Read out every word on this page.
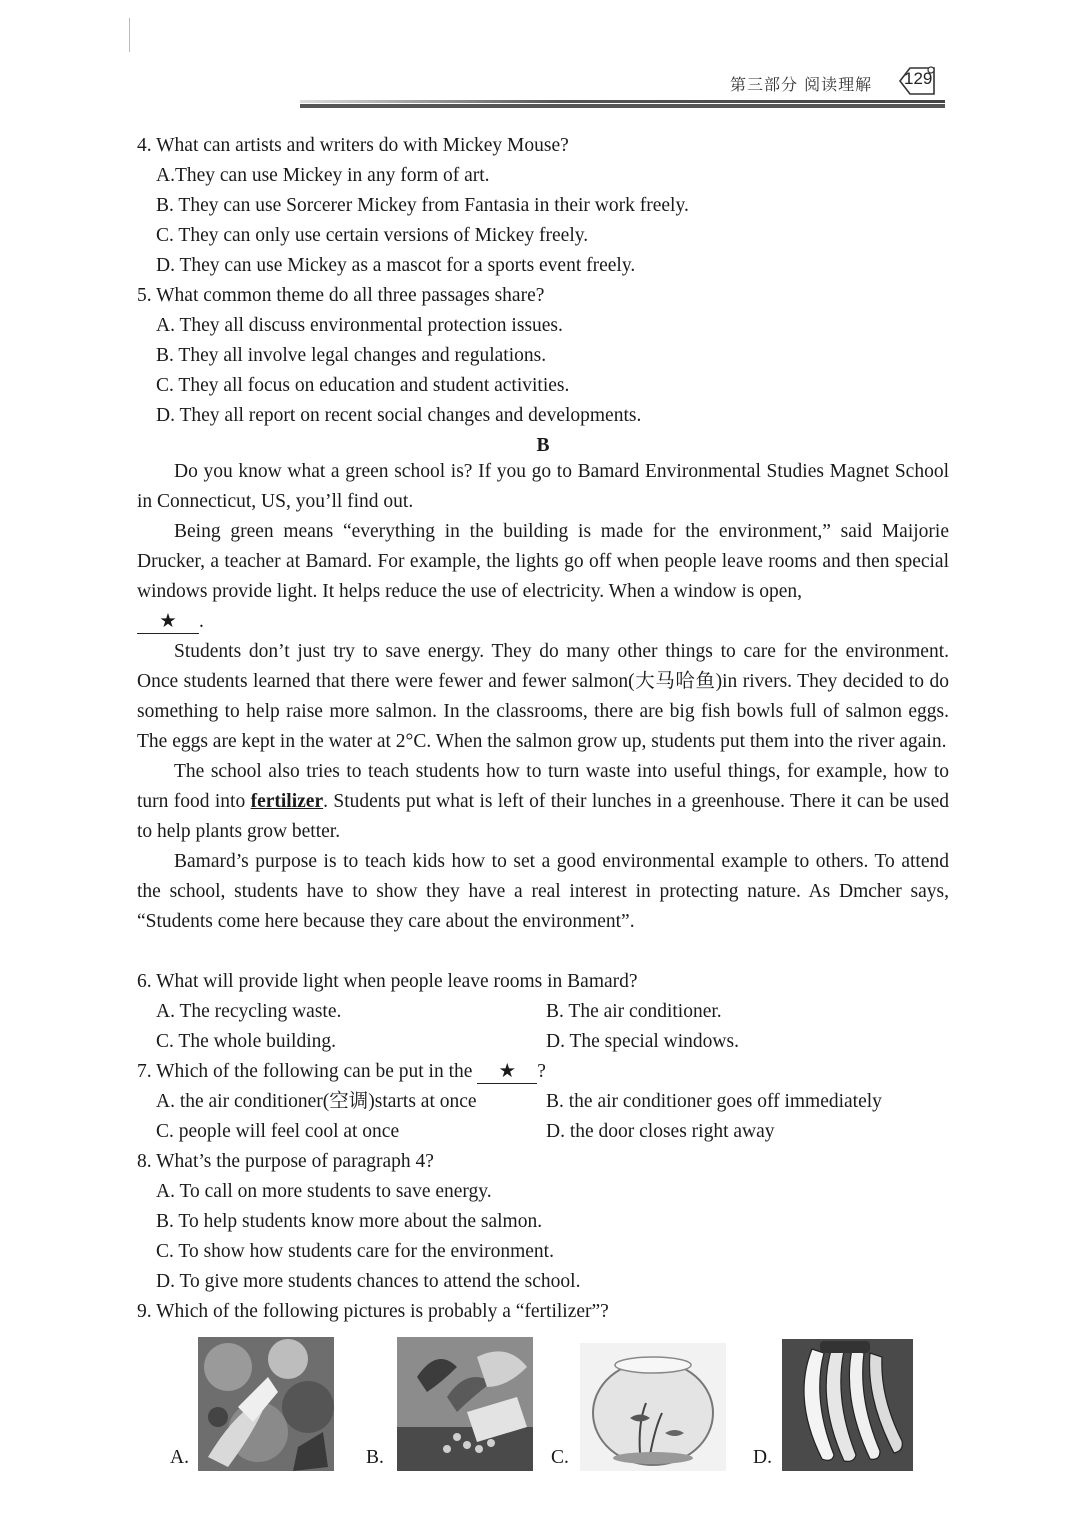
第三部分 阅读理解 129
4. What can artists and writers do with Mickey Mouse?
A.They can use Mickey in any form of art.
B. They can use Sorcerer Mickey from Fantasia in their work freely.
C. They can only use certain versions of Mickey freely.
D. They can use Mickey as a mascot for a sports event freely.
5. What common theme do all three passages share?
A. They all discuss environmental protection issues.
B. They all involve legal changes and regulations.
C. They all focus on education and student activities.
D. They all report on recent social changes and developments.
B
Do you know what a green school is? If you go to Bamard Environmental Studies Magnet School in Connecticut, US, you’ll find out.
Being green means “everything in the building is made for the environment,” said Maijorie Drucker, a teacher at Bamard. For example, the lights go off when people leave rooms and then special windows provide light. It helps reduce the use of electricity. When a window is open,
★ .
Students don’t just try to save energy. They do many other things to care for the environment. Once students learned that there were fewer and fewer salmon(大马哈鱼)in rivers. They decided to do something to help raise more salmon. In the classrooms, there are big fish bowls full of salmon eggs. The eggs are kept in the water at 2°C. When the salmon grow up, students put them into the river again.
The school also tries to teach students how to turn waste into useful things, for example, how to turn food into fertilizer. Students put what is left of their lunches in a greenhouse. There it can be used to help plants grow better.
Bamard’s purpose is to teach kids how to set a good environmental example to others. To attend the school, students have to show they have a real interest in protecting nature. As Dmcher says, “Students come here because they care about the environment”.
6. What will provide light when people leave rooms in Bamard?
A. The recycling waste.	B. The air conditioner.
C. The whole building.	D. The special windows.
7. Which of the following can be put in the ★ ?
A. the air conditioner(空调)starts at once	B. the air conditioner goes off immediately
C. people will feel cool at once	D. the door closes right away
8. What’s the purpose of paragraph 4?
A. To call on more students to save energy.
B. To help students know more about the salmon.
C. To show how students care for the environment.
D. To give more students chances to attend the school.
9. Which of the following pictures is probably a “fertilizer”?
A.	B.	C.	D.
